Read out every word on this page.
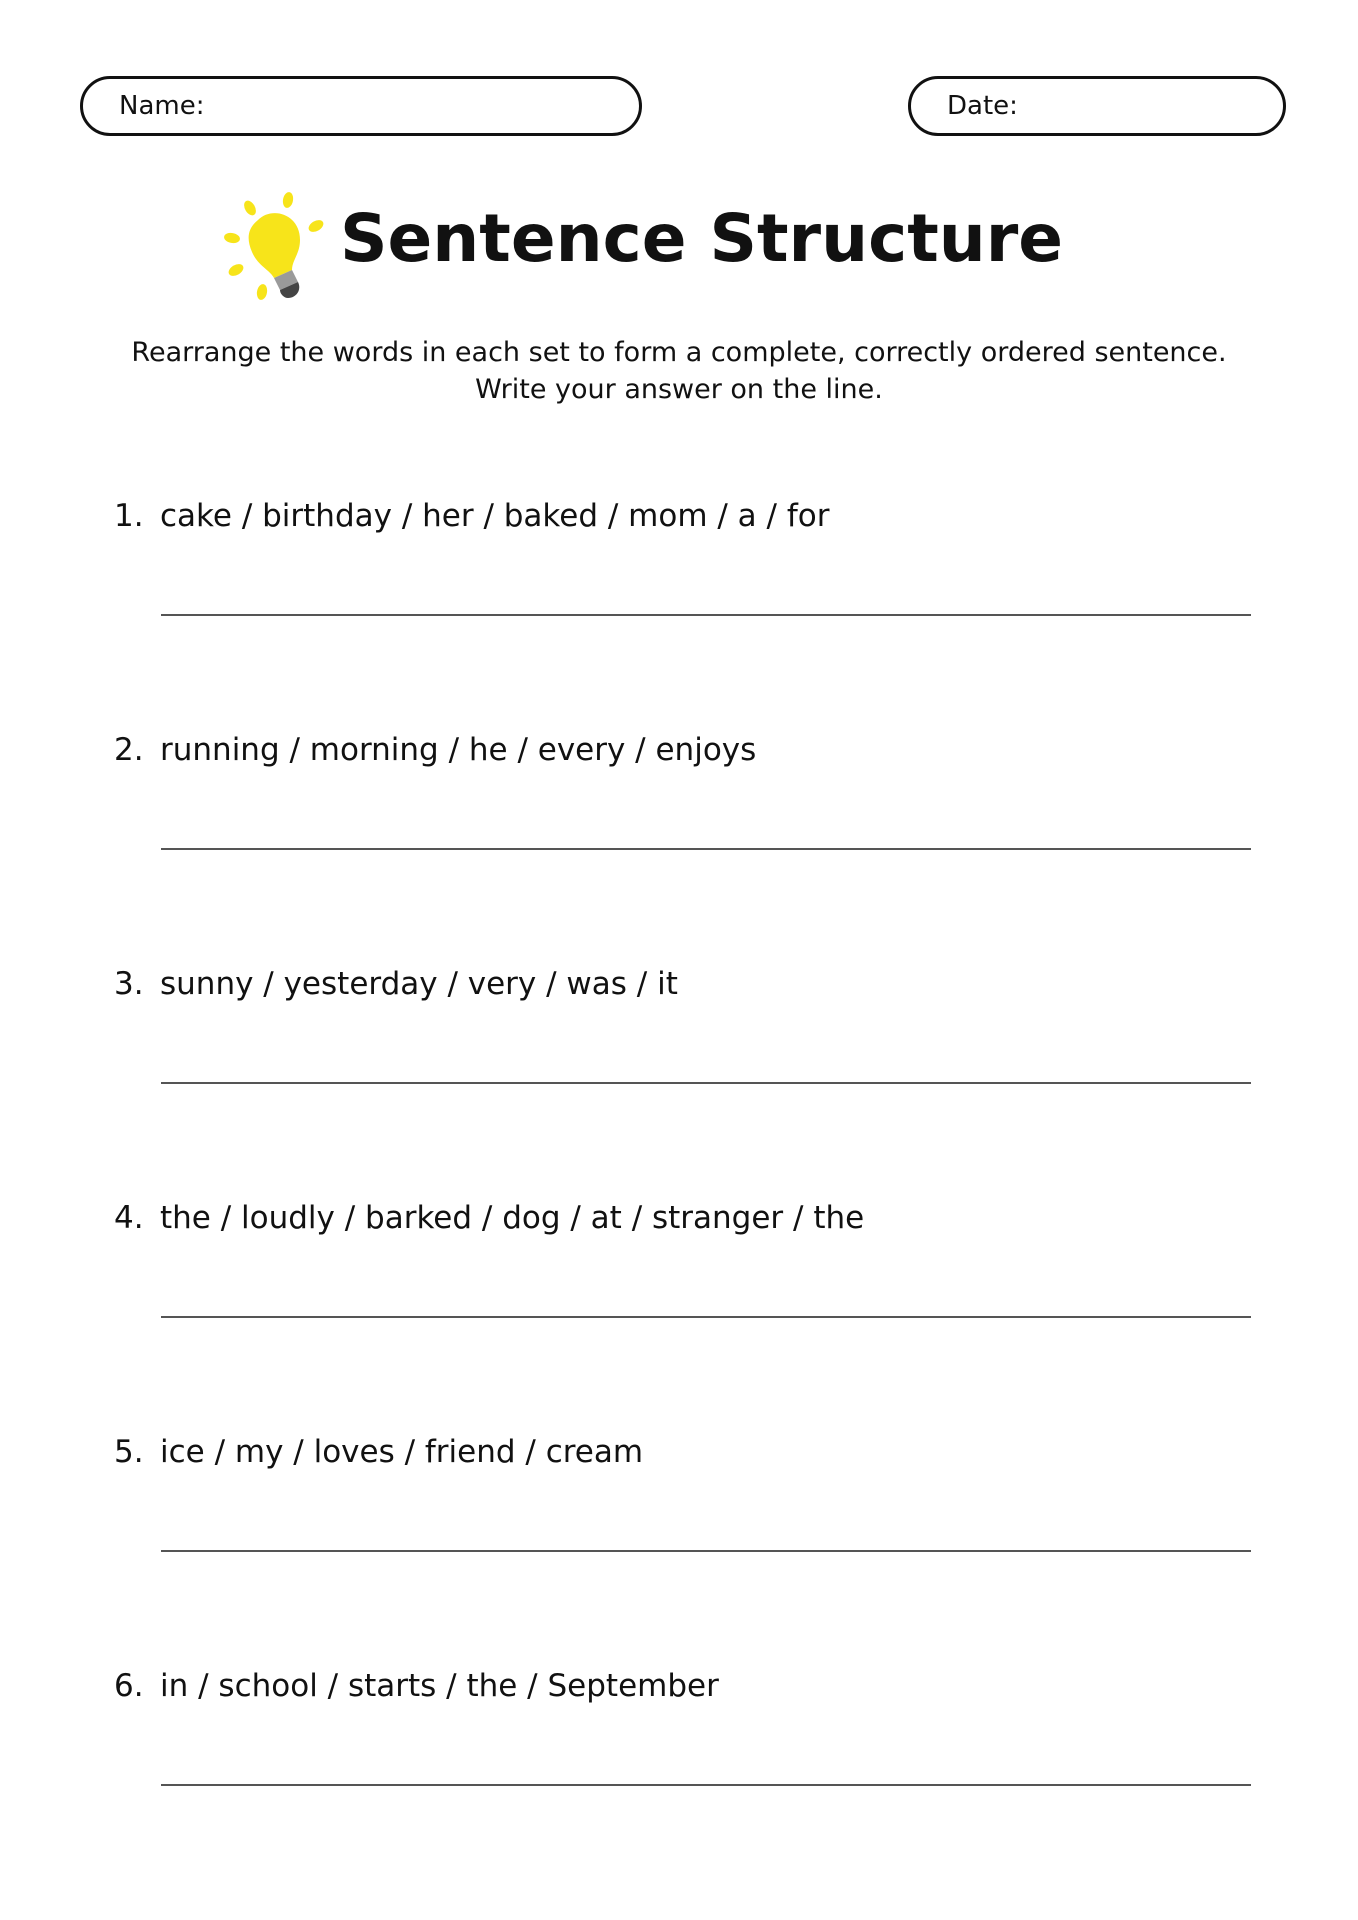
Name:	Date:
Sentence Structure
Rearrange the words in each set to form a complete, correctly ordered sentence.
Write your answer on the line.
1. cake / birthday / her / baked / mom / a / for
2. running / morning / he / every / enjoys
3. sunny / yesterday / very / was / it
4. the / loudly / barked / dog / at / stranger / the
5. ice / my / loves / friend / cream
6. in / school / starts / the / September
